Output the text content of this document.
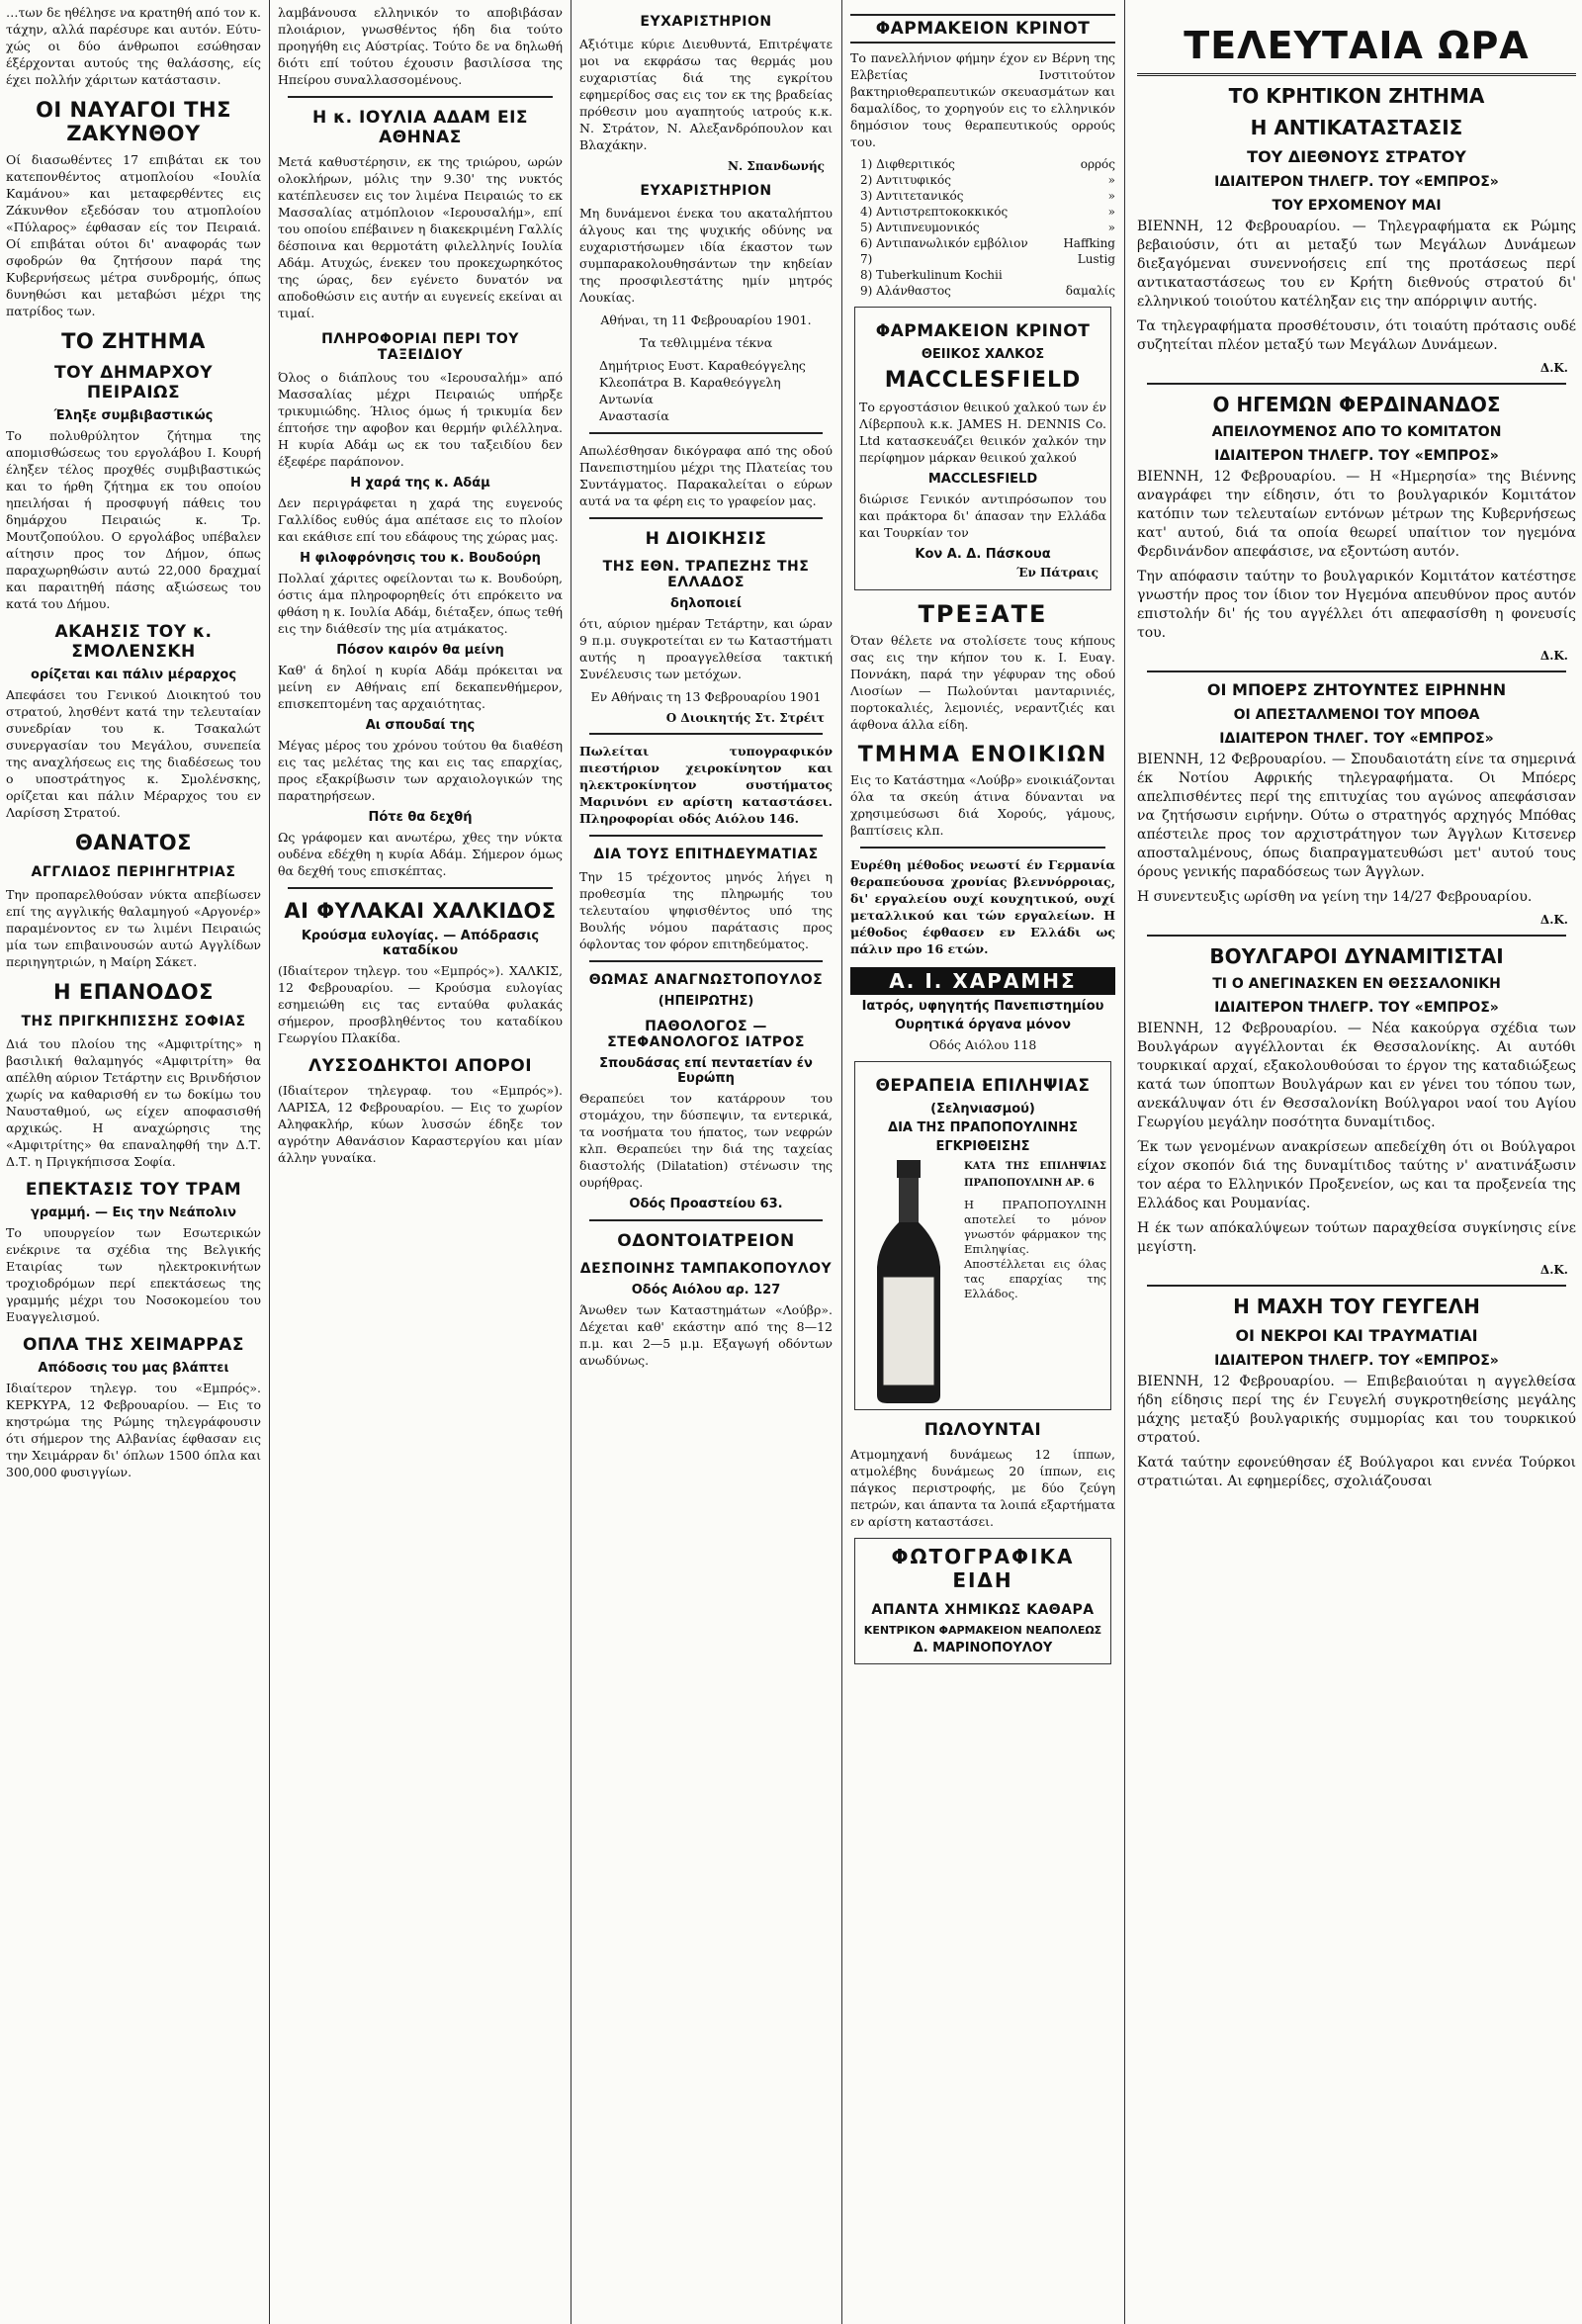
…των δε ηθέλησε να κρατηθή από τον κ. τάχην, αλλά παρέσυρε και αυτόν. Εύτυ-χώς οι δύο άνθρωποι εσώθησαν έξέρχονται αυτούς της θαλάσσης, είς έχει πολλήν χάριτων κατάστασιν.

ΟΙ ΝΑΥΑΓΟΙ ΤΗΣ ΖΑΚΥΝΘΟΥ

Οί διασωθέντες 17 επιβάται εκ του κατεπονθέντος ατμοπλοίου «Ιουλία Καμάνου» και μεταφερθέντες εις Ζάκυνθον εξεδόσαν του ατμοπλοίου «Πύλαρος» έφθασαν είς τον Πειραιά. Οί επιβάται ούτοι δι' αναφοράς των σφοδρών θα ζητήσουν παρά της Κυβερνήσεως μέτρα συνδρομής, όπως δυνηθώσι και μεταβώσι μέχρι της πατρίδος των.

ΤΟ ΖΗΤΗΜΑ
ΤΟΥ ΔΗΜΑΡΧΟΥ ΠΕΙΡΑΙΩΣ
Έληξε συμβιβαστικώς

Το πολυθρύλητον ζήτημα της απομισθώσεως του εργολάβου Ι. Κουρή έληξεν τέλος προχθές συμβιβαστικώς και το ήρθη ζήτημα εκ του οποίου ηπειλήσαι ή προσφυγή πάθεις του δημάρχου Πειραιώς κ. Τρ. Μουτζοπούλου. Ο εργολάβος υπέβαλεν αίτησιν προς τον Δήμον, όπως παραχωρηθώσιν αυτώ 22,000 δραχμαί και παραιτηθή πάσης αξιώσεως του κατά του Δήμου.

ΑΚΑΗΣΙΣ ΤΟΥ κ. ΣΜΟΛΕΝΣΚΗ
ορίζεται και πάλιν μέραρχος

Απεφάσει του Γενικού Διοικητού του στρατού, λησθέντ κατά την τελευταίαν συνεδρίαν του κ. Τσακαλώτ συνεργασίαν του Μεγάλου, συνεπεία της αναχλήσεως εις της διαδέσεως του ο υποστράτηγος κ. Σμολένσκης, ορίζεται και πάλιν Μέραρχος του εν Λαρίσση Στρατού.

ΘΑΝΑΤΟΣ
ΑΓΓΛΙΔΟΣ ΠΕΡΙΗΓΗΤΡΙΑΣ

Την προπαρελθούσαν νύκτα απεβίωσεν επί της αγγλικής θαλαμηγού «Αργονέρ» παραμένοντος εν τω λιμένι Πειραιώς μία των επιβαινουσών αυτώ Αγγλίδων περιηγητριών, η Μαίρη Σάκετ.

Η ΕΠΑΝΟΔΟΣ
ΤΗΣ ΠΡΙΓΚΗΠΙΣΣΗΣ ΣΟΦΙΑΣ

Διά του πλοίου της «Αμφιτρίτης» η βασιλική θαλαμηγός «Αμφιτρίτη» θα απέλθη αύριον Τετάρτην εις Βρινδήσιον χωρίς να καθαρισθή εν τω δοκίμω του Ναυσταθμού, ως είχεν αποφασισθή αρχικώς. Η αναχώρησις της «Αμφιτρίτης» θα επαναληφθή την Δ.Τ. Δ.Τ. η Πριγκήπισσα Σοφία.

ΕΠΕΚΤΑΣΙΣ ΤΟΥ ΤΡΑΜ
γραμμή. — Εις την Νεάπολιν

Το υπουργείον των Εσωτερικών ενέκρινε τα σχέδια της Βελγικής Εταιρίας των ηλεκτροκινήτων τροχιοδρόμων περί επεκτάσεως της γραμμής μέχρι του Νοσοκομείου του Ευαγγελισμού.

ΟΠΛΑ ΤΗΣ ΧΕΙΜΑΡΡΑΣ
Απόδοσις του μας βλάπτει

Ιδιαίτερον τηλεγρ. του «Εμπρός». ΚΕΡΚΥΡΑ, 12 Φεβρουαρίου. — Εις το κηστρώμα της Ρώμης τηλεγράφουσιν ότι σήμερον της Αλβανίας έφθασαν εις την Χειμάρραν δι' όπλων 1500 όπλα και 300,000 φυσιγγίων.

λαμβάνουσα ελληνικόν το αποβιβάσαν πλοιάριον, γνωσθέντος ήδη δια τούτο προηγήθη εις Αύστρίας. Τούτο δε να δηλωθή διότι επί τούτου έχουσιν βασιλίσσα της Ηπείρου συναλλασσομένους.

Η κ. ΙΟΥΛΙΑ ΑΔΑΜ ΕΙΣ ΑΘΗΝΑΣ

Μετά καθυστέρησιν, εκ της τριώρου, ωρών ολοκλήρων, μόλις την 9.30' της νυκτός κατέπλευσεν εις τον λιμένα Πειραιώς το εκ Μασσαλίας ατμόπλοιον «Ιερουσαλήμ», επί του οποίου επέβαινεν η διακεκριμένη Γαλλίς δέσποινα και θερμοτάτη φιλελληνίς Ιουλία Αδάμ. Ατυχώς, ένεκεν του προκεχωρηκότος της ώρας, δεν εγένετο δυνατόν να αποδοθώσιν εις αυτήν αι ευγενείς εκείναι αι τιμαί.

ΠΛΗΡΟΦΟΡΙΑΙ ΠΕΡΙ ΤΟΥ ΤΑΞΕΙΔΙΟΥ

Όλος ο διάπλους του «Ιερουσαλήμ» από Μασσαλίας μέχρι Πειραιώς υπήρξε τρικυμιώδης. Ήλιος όμως ή τρικυμία δεν έπτοήσε την αφοβον και θερμήν φιλέλληνα. Η κυρία Αδάμ ως εκ του ταξειδίου δεν έξεφέρε παράπονον.

Η χαρά της κ. Αδάμ

Δεν περιγράφεται η χαρά της ευγενούς Γαλλίδος ευθύς άμα απέτασε εις το πλοίον και εκάθισε επί του εδάφους της χώρας μας.

Η φιλοφρόνησις του κ. Βουδούρη

Πολλαί χάριτες οφείλονται τω κ. Βουδούρη, όστις άμα πληροφορηθείς ότι επρόκειτο να φθάση η κ. Ιουλία Αδάμ, διέταξεν, όπως τεθή εις την διάθεσίν της μία ατμάκατος.

Πόσον καιρόν θα μείνη

Καθ' ά δηλοί η κυρία Αδάμ πρόκειται να μείνη εν Αθήναις επί δεκαπενθήμερον, επισκεπτομένη τας αρχαιότητας.

Αι σπουδαί της

Μέγας μέρος του χρόνου τούτου θα διαθέση εις τας μελέτας της και εις τας επαρχίας, προς εξακρίβωσιν των αρχαιολογικών της παρατηρήσεων.

Πότε θα δεχθή

Ως γράφομεν και ανωτέρω, χθες την νύκτα ουδένα εδέχθη η κυρία Αδάμ. Σήμερον όμως θα δεχθή τους επισκέπτας.

ΑΙ ΦΥΛΑΚΑΙ ΧΑΛΚΙΔΟΣ
Κρούσμα ευλογίας. — Απόδρασις καταδίκου

(Ιδιαίτερον τηλεγρ. του «Εμπρός»). ΧΑΛΚΙΣ, 12 Φεβρουαρίου. — Κρούσμα ευλογίας εσημειώθη εις τας ενταύθα φυλακάς σήμερον, προσβληθέντος του καταδίκου Γεωργίου Πλακίδα.

ΛΥΣΣΟΔΗΚΤΟΙ ΑΠΟΡΟΙ

(Ιδιαίτερον τηλεγραφ. του «Εμπρός»). ΛΑΡΙΣΑ, 12 Φεβρουαρίου. — Εις το χωρίον Αληφακλήρ, κύων λυσσών έδηξε τον αγρότην Αθανάσιον Καραστεργίου και μίαν άλλην γυναίκα.

ΕΥΧΑΡΙΣΤΗΡΙΟΝ

Αξιότιμε κύριε Διευθυντά, Επιτρέψατε μοι να εκφράσω τας θερμάς μου ευχαριστίας διά της εγκρίτου εφημερίδος σας εις τον εκ της βραδείας πρόθεσιν μου αγαπητούς ιατρούς κ.κ. Ν. Στράτον, Ν. Αλεξανδρόπουλον και Βλαχάκην.

Ν. Σπανδωνής
ΕΥΧΑΡΙΣΤΗΡΙΟΝ

Μη δυνάμενοι ένεκα του ακαταλήπτου άλγους και της ψυχικής οδύνης να ευχαριστήσωμεν ιδία έκαστον των συμπαρακολουθησάντων την κηδείαν της προσφιλεστάτης ημίν μητρός Λουκίας.

Αθήναι, τη 11 Φεβρουαρίου 1901.
Τα τεθλιμμένα τέκνα
Δημήτριος Ευστ. Καραθεόγγελης
Κλεοπάτρα Β. Καραθεόγγελη
Αντωνία
Αναστασία

Απωλέσθησαν δικόγραφα από της οδού Πανεπιστημίου μέχρι της Πλατείας του Συντάγματος. Παρακαλείται ο εύρων αυτά να τα φέρη εις το γραφείον μας.

Η ΔΙΟΙΚΗΣΙΣ
ΤΗΣ ΕΘΝ. ΤΡΑΠΕΖΗΣ ΤΗΣ ΕΛΛΑΔΟΣ
δηλοποιεί

ότι, αύριον ημέραν Τετάρτην, και ώραν 9 π.μ. συγκροτείται εν τω Καταστήματι αυτής η προαγγελθείσα τακτική Συνέλευσις των μετόχων.

Εν Αθήναις τη 13 Φεβρουαρίου 1901
Ο Διοικητής Στ. Στρέιτ

Πωλείται τυπογραφικόν πιεστήριον χειροκίνητον και ηλεκτροκίνητον συστήματος Μαρινόνι εν αρίστη καταστάσει. Πληροφορίαι οδός Αιόλου 146.

ΔΙΑ ΤΟΥΣ ΕΠΙΤΗΔΕΥΜΑΤΙΑΣ

Την 15 τρέχοντος μηνός λήγει η προθεσμία της πληρωμής του τελευταίου ψηφισθέντος υπό της Βουλής νόμου παράτασις προς όφλοντας τον φόρον επιτηδεύματος.

ΘΩΜΑΣ ΑΝΑΓΝΩΣΤΟΠΟΥΛΟΣ
(ΗΠΕΙΡΩΤΗΣ)
ΠΑΘΟΛΟΓΟΣ — ΣΤΕΦΑΝΟΛΟΓΟΣ ΙΑΤΡΟΣ
Σπουδάσας επί πενταετίαν έν Ευρώπη

Θεραπεύει τον κατάρρουν του στομάχου, την δύσπεψιν, τα εντερικά, τα νοσήματα του ήπατος, των νεφρών κλπ. Θεραπεύει την διά της ταχείας διαστολής (Dilatation) στένωσιν της ουρήθρας.

Οδός Προαστείου 63.
ΟΔΟΝΤΟΙΑΤΡΕΙΟΝ
ΔΕΣΠΟΙΝΗΣ ΤΑΜΠΑΚΟΠΟΥΛΟΥ
Οδός Αιόλου αρ. 127

Άνωθεν των Καταστημάτων «Λούβρ». Δέχεται καθ' εκάστην από της 8—12 π.μ. και 2—5 μ.μ. Εξαγωγή οδόντων ανωδύνως.

ΦΑΡΜΑΚΕΙΟΝ ΚΡΙΝΟΤ

Το πανελλήνιον φήμην έχον εν Βέρνη της Ελβετίας Ινστιτούτον βακτηριοθεραπευτικών σκευασμάτων και δαμαλίδος, το χορηγούν εις το ελληνικόν δημόσιον τους θεραπευτικούς ορρούς του.

1) Διφθεριτικός	ορρός
2) Αντιτυφικός	»
3) Αντιτετανικός	»
4) Αντιστρεπτοκοκκικός	»
5) Αντιπνευμονικός	»
6) Αντιπανωλικόν εμβόλιον	Haffking
7)	Lustig
8) Tuberkulinum Kochii
9) Αλάνθαστος	δαμαλίς
ΦΑΡΜΑΚΕΙΟΝ ΚΡΙΝΟΤ
ΘΕΙΙΚΟΣ ΧΑΛΚΟΣ
MACCLESFIELD

Το εργοστάσιον θειικού χαλκού των έν Λίβερπουλ κ.κ. JAMES H. DENNIS Co. Ltd κατασκευάζει θειικόν χαλκόν την περίφημον μάρκαν θειικού χαλκού

MACCLESFIELD

διώρισε Γενικόν αντιπρόσωπον του και πράκτορα δι' άπασαν την Ελλάδα και Τουρκίαν τον

Κον Α. Δ. Πάσκουα
Έν Πάτραις
ΤΡΕΞΑΤΕ

Όταν θέλετε να στολίσετε τους κήπους σας εις την κήπον του κ. Ι. Ευαγ. Ποννάκη, παρά την γέφυραν της οδού Λιοσίων — Πωλούνται μανταρινιές, πορτοκαλιές, λεμονιές, νεραντζιές και άφθονα άλλα είδη.

ΤΜΗΜΑ ΕΝΟΙΚΙΩΝ

Εις το Κατάστημα «Λούβρ» ενοικιάζονται όλα τα σκεύη άτινα δύνανται να χρησιμεύσωσι διά Χορούς, γάμους, βαπτίσεις κλπ.

Ευρέθη μέθοδος νεωστί έν Γερμανία θεραπεύουσα χρονίας βλεννόρροιας, δι' εργαλείου ουχί κουχητικού, ουχί μεταλλικού και τών εργαλείων. Η μέθοδος έφθασεν εν Ελλάδι ως πάλιν προ 16 ετών.

Α. Ι. ΧΑΡΑΜΗΣ
Ιατρός, υφηγητής Πανεπιστημίου
Ουρητικά όργανα μόνον
Οδός Αιόλου 118
ΘΕΡΑΠΕΙΑ ΕΠΙΛΗΨΙΑΣ
(Σεληνιασμού)
ΔΙΑ ΤΗΣ ΠΡΑΠΟΠΟΥΛΙΝΗΣ
ΕΓΚΡΙΘΕΙΣΗΣ
ΚΑΤΑ ΤΗΣ ΕΠΙΛΗΨΙΑΣ ΠΡΑΠΟΠΟΥΛΙΝΗ ΑΡ. 6

Η ΠΡΑΠΟΠΟΥΛΙΝΗ αποτελεί το μόνον γνωστόν φάρμακον της Επιληψίας. Αποστέλλεται εις όλας τας επαρχίας της Ελλάδος.

ΠΩΛΟΥΝΤΑΙ

Ατμομηχανή δυνάμεως 12 ίππων, ατμολέβης δυνάμεως 20 ίππων, εις πάγκος περιστροφής, με δύο ζεύγη πετρών, και άπαντα τα λοιπά εξαρτήματα εν αρίστη καταστάσει.

ΦΩΤΟΓΡΑΦΙΚΑ ΕΙΔΗ
ΑΠΑΝΤΑ ΧΗΜΙΚΩΣ ΚΑΘΑΡΑ
ΚΕΝΤΡΙΚΟΝ ΦΑΡΜΑΚΕΙΟΝ ΝΕΑΠΟΛΕΩΣ
Δ. ΜΑΡΙΝΟΠΟΥΛΟΥ
ΤΕΛΕΥΤΑΙΑ ΩΡΑ
ΤΟ ΚΡΗΤΙΚΟΝ ΖΗΤΗΜΑ
Η ΑΝΤΙΚΑΤΑΣΤΑΣΙΣ
ΤΟΥ ΔΙΕΘΝΟΥΣ ΣΤΡΑΤΟΥ
ΙΔΙΑΙΤΕΡΟΝ ΤΗΛΕΓΡ. ΤΟΥ «ΕΜΠΡΟΣ»
ΤΟΥ ΕΡΧΟΜΕΝΟΥ ΜΑΙ

ΒΙΕΝΝΗ, 12 Φεβρουαρίου. — Τηλεγραφήματα εκ Ρώμης βεβαιούσιν, ότι αι μεταξύ των Μεγάλων Δυνάμεων διεξαγόμεναι συνεννοήσεις επί της προτάσεως περί αντικαταστάσεως του εν Κρήτη διεθνούς στρατού δι' ελληνικού τοιούτου κατέληξαν εις την απόρριψιν αυτής.

Τα τηλεγραφήματα προσθέτουσιν, ότι τοιαύτη πρότασις ουδέ συζητείται πλέον μεταξύ των Μεγάλων Δυνάμεων.

Δ.Κ.
Ο ΗΓΕΜΩΝ ΦΕΡΔΙΝΑΝΔΟΣ
ΑΠΕΙΛΟΥΜΕΝΟΣ ΑΠΟ ΤΟ ΚΟΜΙΤΑΤΟΝ
ΙΔΙΑΙΤΕΡΟΝ ΤΗΛΕΓΡ. ΤΟΥ «ΕΜΠΡΟΣ»

ΒΙΕΝΝΗ, 12 Φεβρουαρίου. — Η «Ημερησία» της Βιέννης αναγράφει την είδησιν, ότι το βουλγαρικόν Κομιτάτον κατόπιν των τελευταίων εντόνων μέτρων της Κυβερνήσεως κατ' αυτού, διά τα οποία θεωρεί υπαίτιον τον ηγεμόνα Φερδινάνδον απεφάσισε, να εξοντώση αυτόν.

Την απόφασιν ταύτην το βουλγαρικόν Κομιτάτον κατέστησε γνωστήν προς τον ίδιον τον Ηγεμόνα απευθύνον προς αυτόν επιστολήν δι' ής του αγγέλλει ότι απεφασίσθη η φονευσίς του.

Δ.Κ.
ΟΙ ΜΠΟΕΡΣ ΖΗΤΟΥΝΤΕΣ ΕΙΡΗΝΗΝ
ΟΙ ΑΠΕΣΤΑΛΜΕΝΟΙ ΤΟΥ ΜΠΟΘΑ
ΙΔΙΑΙΤΕΡΟΝ ΤΗΛΕΓ. ΤΟΥ «ΕΜΠΡΟΣ»

ΒΙΕΝΝΗ, 12 Φεβρουαρίου. — Σπουδαιοτάτη είνε τα σημερινά έκ Νοτίου Αφρικής τηλεγραφήματα. Οι Μπόερς απελπισθέντες περί της επιτυχίας του αγώνος απεφάσισαν να ζητήσωσιν ειρήνην. Ούτω ο στρατηγός αρχηγός Μπόθας απέστειλε προς τον αρχιστράτηγον των Άγγλων Κιτσενερ αποσταλμένους, όπως διαπραγματευθώσι μετ' αυτού τους όρους γενικής παραδόσεως των Άγγλων.

Η συνεντευξις ωρίσθη να γείνη την 14/27 Φεβρουαρίου.

Δ.Κ.
ΒΟΥΛΓΑΡΟΙ ΔΥΝΑΜΙΤΙΣΤΑΙ
ΤΙ Ο ΑΝΕΓΙΝΑΣΚΕΝ ΕΝ ΘΕΣΣΑΛΟΝΙΚΗ
ΙΔΙΑΙΤΕΡΟΝ ΤΗΛΕΓΡ. ΤΟΥ «ΕΜΠΡΟΣ»

ΒΙΕΝΝΗ, 12 Φεβρουαρίου. — Νέα κακούργα σχέδια των Βουλγάρων αγγέλλονται έκ Θεσσαλονίκης. Αι αυτόθι τουρκικαί αρχαί, εξακολουθούσαι το έργον της καταδιώξεως κατά των ύποπτων Βουλγάρων και εν γένει του τόπου των, ανεκάλυψαν ότι έν Θεσσαλονίκη Βούλγαροι ναοί του Αγίου Γεωργίου μεγάλην ποσότητα δυναμίτιδος.

Έκ των γενομένων ανακρίσεων απεδείχθη ότι οι Βούλγαροι είχον σκοπόν διά της δυναμίτιδος ταύτης ν' ανατινάξωσιν τον αέρα το Ελληνικόν Προξενείον, ως και τα προξενεία της Ελλάδος και Ρουμανίας.

Η έκ των απόκαλύψεων τούτων παραχθείσα συγκίνησις είνε μεγίστη.

Δ.Κ.
Η ΜΑΧΗ ΤΟΥ ΓΕΥΓΕΛΗ
ΟΙ ΝΕΚΡΟΙ ΚΑΙ ΤΡΑΥΜΑΤΙΑΙ
ΙΔΙΑΙΤΕΡΟΝ ΤΗΛΕΓΡ. ΤΟΥ «ΕΜΠΡΟΣ»

ΒΙΕΝΝΗ, 12 Φεβρουαρίου. — Επιβεβαιούται η αγγελθείσα ήδη είδησις περί της έν Γευγελή συγκροτηθείσης μεγάλης μάχης μεταξύ βουλγαρικής συμμορίας και του τουρκικού στρατού.

Κατά ταύτην εφονεύθησαν έξ Βούλγαροι και εννέα Τούρκοι στρατιώται. Αι εφημερίδες, σχολιάζουσαι
